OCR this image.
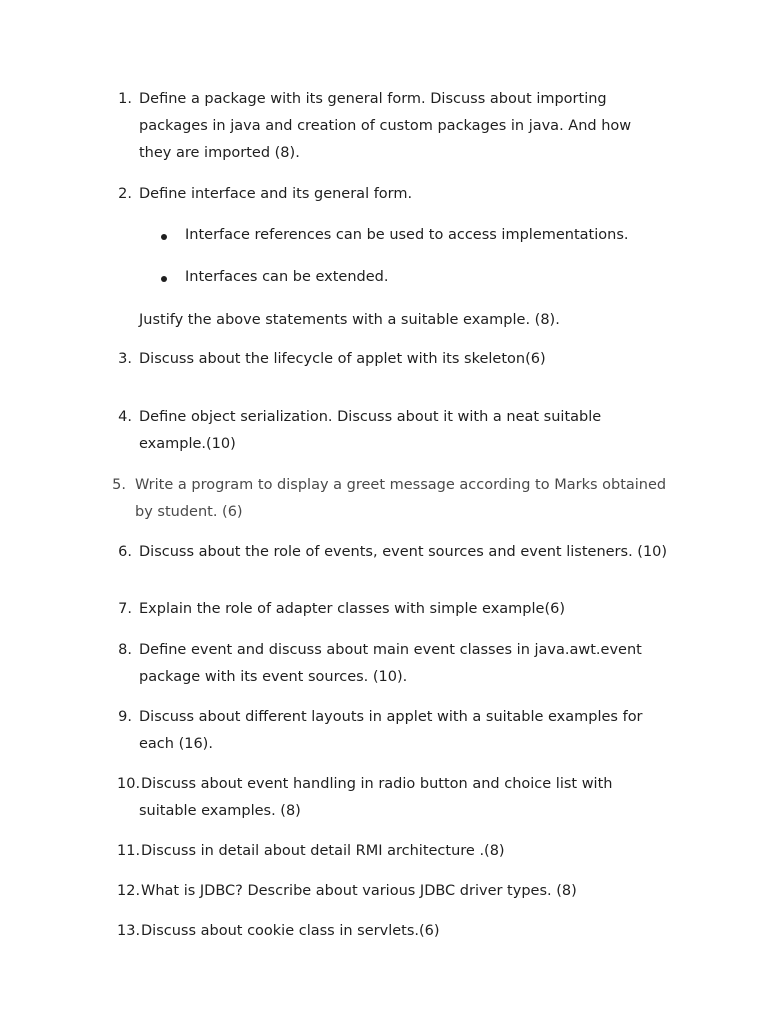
1. Define a package with its general form. Discuss about importing
packages in java and creation of custom packages in java. And how
they are imported (8).
2. Define interface and its general form.
Interface references can be used to access implementations.
Interfaces can be extended.
Justify the above statements with a suitable example. (8).
3. Discuss about the lifecycle of applet with its skeleton(6)
4. Define object serialization. Discuss about it with a neat suitable
example.(10)
5. Write a program to display a greet message according to Marks obtained
by student. (6)
6. Discuss about the role of events, event sources and event listeners. (10)
7. Explain the role of adapter classes with simple example(6)
8. Define event and discuss about main event classes in java.awt.event
package with its event sources. (10).
9. Discuss about different layouts in applet with a suitable examples for
each (16).
10. Discuss about event handling in radio button and choice list with
suitable examples. (8)
11. Discuss in detail about detail RMI architecture .(8)
12. What is JDBC? Describe about various JDBC driver types. (8)
13. Discuss about cookie class in servlets.(6)
